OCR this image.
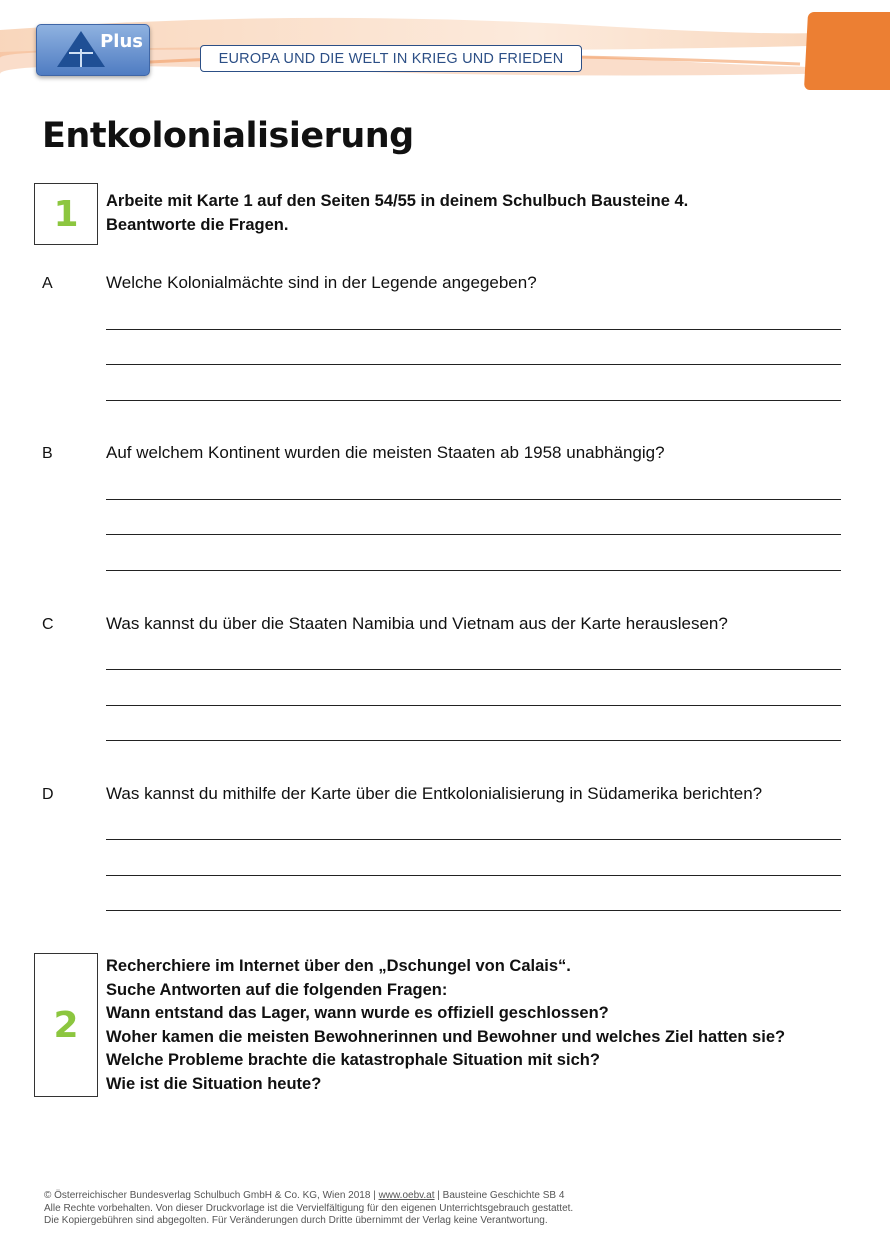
Plus
EUROPA UND DIE WELT IN KRIEG UND FRIEDEN
Entkolonialisierung
1	Arbeite mit Karte 1 auf den Seiten 54/55 in deinem Schulbuch Bausteine 4.
Beantworte die Fragen.
A	Welche Kolonialmächte sind in der Legende angegeben?
B	Auf welchem Kontinent wurden die meisten Staaten ab 1958 unabhängig?
C	Was kannst du über die Staaten Namibia und Vietnam aus der Karte herauslesen?
D	Was kannst du mithilfe der Karte über die Entkolonialisierung in Südamerika berichten?
2
Recherchiere im Internet über den „Dschungel von Calais“.
Suche Antworten auf die folgenden Fragen:
Wann entstand das Lager, wann wurde es offiziell geschlossen?
Woher kamen die meisten Bewohnerinnen und Bewohner und welches Ziel hatten sie?
Welche Probleme brachte die katastrophale Situation mit sich?
Wie ist die Situation heute?
© Österreichischer Bundesverlag Schulbuch GmbH & Co. KG, Wien 2018 | www.oebv.at | Bausteine Geschichte SB 4
Alle Rechte vorbehalten. Von dieser Druckvorlage ist die Vervielfältigung für den eigenen Unterrichtsgebrauch gestattet.
Die Kopiergebühren sind abgegolten. Für Veränderungen durch Dritte übernimmt der Verlag keine Verantwortung.
